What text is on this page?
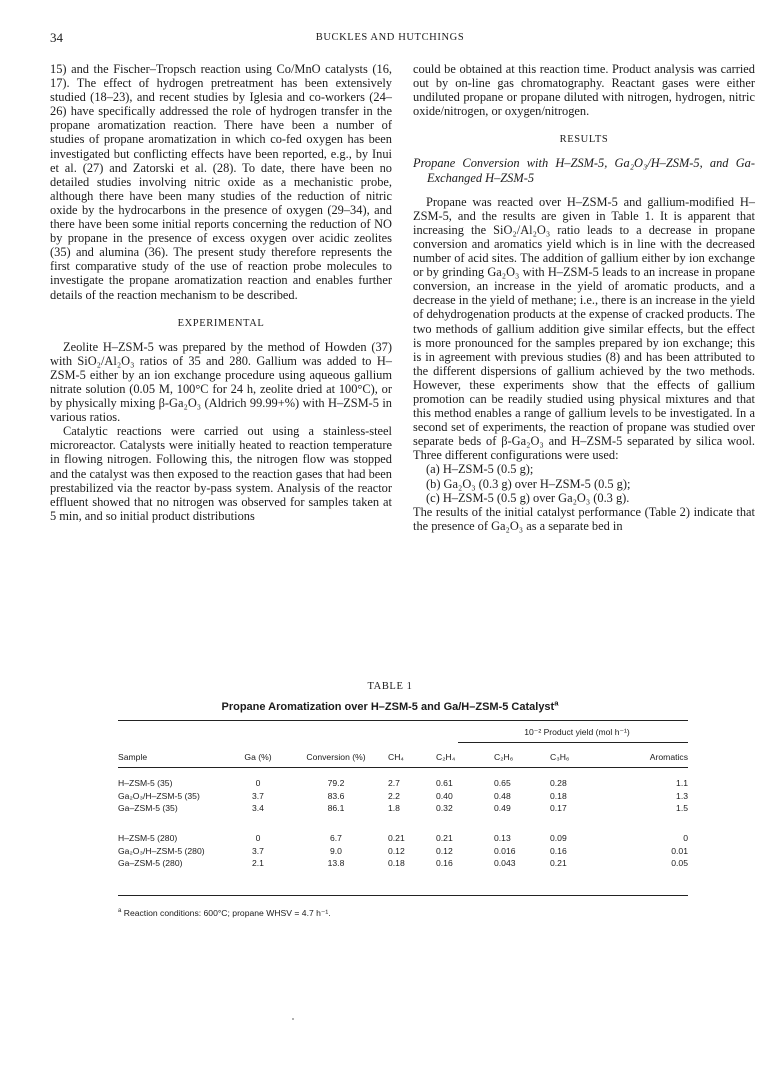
34	BUCKLES AND HUTCHINGS

15) and the Fischer–Tropsch reaction using Co/MnO catalysts (16, 17). The effect of hydrogen pretreatment has been extensively studied (18–23), and recent studies by Iglesia and co-workers (24–26) have specifically addressed the role of hydrogen transfer in the propane aromatization reaction. There have been a number of studies of propane aromatization in which co-fed oxygen has been investigated but conflicting effects have been reported, e.g., by Inui et al. (27) and Zatorski et al. (28). To date, there have been no detailed studies involving nitric oxide as a mechanistic probe, although there have been many studies of the reduction of nitric oxide by the hydrocarbons in the presence of oxygen (29–34), and there have been some initial reports concerning the reduction of NO by propane in the presence of excess oxygen over acidic zeolites (35) and alumina (36). The present study therefore represents the first comparative study of the use of reaction probe molecules to investigate the propane aromatization reaction and enables further details of the reaction mechanism to be described.

EXPERIMENTAL

Zeolite H–ZSM-5 was prepared by the method of Howden (37) with SiO₂/Al₂O₃ ratios of 35 and 280. Gallium was added to H–ZSM-5 either by an ion exchange procedure using aqueous gallium nitrate solution (0.05 M, 100°C for 24 h, zeolite dried at 100°C), or by physically mixing β-Ga₂O₃ (Aldrich 99.99+%) with H–ZSM-5 in various ratios.

Catalytic reactions were carried out using a stainless-steel microreactor. Catalysts were initially heated to reaction temperature in flowing nitrogen. Following this, the nitrogen flow was stopped and the catalyst was then exposed to the reaction gases that had been prestabilized via the reactor by-pass system. Analysis of the reactor effluent showed that no nitrogen was observed for samples taken at 5 min, and so initial product distributions

could be obtained at this reaction time. Product analysis was carried out by on-line gas chromatography. Reactant gases were either undiluted propane or propane diluted with nitrogen, hydrogen, nitric oxide/nitrogen, or oxygen/nitrogen.

RESULTS
Propane Conversion with H–ZSM-5, Ga₂O₃/H–ZSM-5, and Ga-Exchanged H–ZSM-5

Propane was reacted over H–ZSM-5 and gallium-modified H–ZSM-5, and the results are given in Table 1. It is apparent that increasing the SiO₂/Al₂O₃ ratio leads to a decrease in propane conversion and aromatics yield which is in line with the decreased number of acid sites. The addition of gallium either by ion exchange or by grinding Ga₂O₃ with H–ZSM-5 leads to an increase in propane conversion, an increase in the yield of aromatic products, and a decrease in the yield of methane; i.e., there is an increase in the yield of dehydrogenation products at the expense of cracked products. The two methods of gallium addition give similar effects, but the effect is more pronounced for the samples prepared by ion exchange; this is in agreement with previous studies (8) and has been attributed to the different dispersions of gallium achieved by the two methods. However, these experiments show that the effects of gallium promotion can be readily studied using physical mixtures and that this method enables a range of gallium levels to be investigated. In a second set of experiments, the reaction of propane was studied over separate beds of β-Ga₂O₃ and H–ZSM-5 separated by silica wool. Three different configurations were used:

(a) H–ZSM-5 (0.5 g);
(b) Ga₂O₃ (0.3 g) over H–ZSM-5 (0.5 g);
(c) H–ZSM-5 (0.5 g) over Ga₂O₃ (0.3 g).

The results of the initial catalyst performance (Table 2) indicate that the presence of Ga₂O₃ as a separate bed in

TABLE 1
Propane Aromatization over H–ZSM-5 and Ga/H–ZSM-5 Catalyst$^a$
10⁻² Product yield (mol h⁻¹)
Sample	Ga (%)	Conversion (%)	CH₄	C₂H₄	C₂H₆	C₃H₆	Aromatics
H–ZSM-5 (35)	0	79.2	2.7	0.61	0.65	0.28	1.1
Ga₂O₃/H–ZSM-5 (35)	3.7	83.6	2.2	0.40	0.48	0.18	1.3
Ga–ZSM-5 (35)	3.4	86.1	1.8	0.32	0.49	0.17	1.5
H–ZSM-5 (280)	0	6.7	0.21	0.21	0.13	0.09	0
Ga₂O₃/H–ZSM-5 (280)	3.7	9.0	0.12	0.12	0.016	0.16	0.01
Ga–ZSM-5 (280)	2.1	13.8	0.18	0.16	0.043	0.21	0.05
$^a$ Reaction conditions: 600°C; propane WHSV = 4.7 h⁻¹.
